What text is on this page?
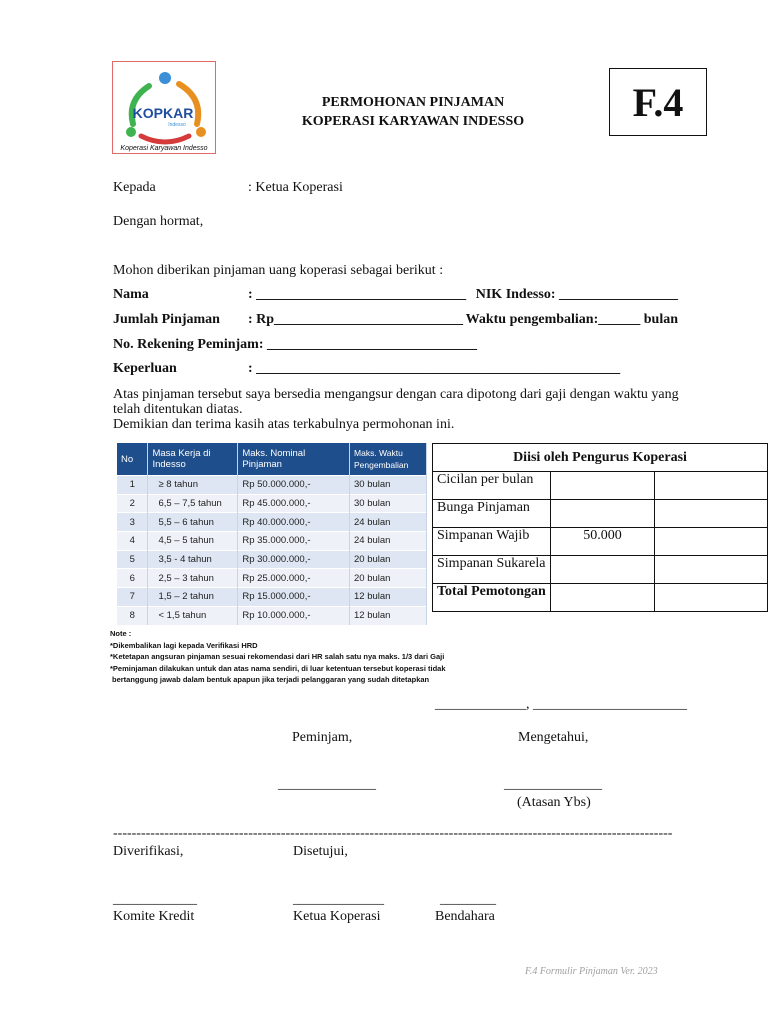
KOPKAR
Indesso
Koperasi Karyawan Indesso
PERMOHONAN PINJAMAN
KOPERASI KARYAWAN INDESSO	F.4
Kepada	: Ketua Koperasi
Dengan hormat,
Mohon diberikan pinjaman uang koperasi sebagai berikut :
Nama	: ______________________________ NIK Indesso: _________________
Jumlah Pinjaman : Rp___________________________ Waktu pengembalian:______ bulan
No. Rekening Peminjam: ______________________________
Keperluan	: ____________________________________________________
Atas pinjaman tersebut saya bersedia mengangsur dengan cara dipotong dari gaji dengan waktu yang
telah ditentukan diatas.
Demikian dan terima kasih atas terkabulnya permohonan ini.
No	Masa Kerja di Indesso	Maks. Nominal Pinjaman	Maks. Waktu Pengembalian
1	≥ 8 tahun	Rp 50.000.000,-	30 bulan
2	6,5 – 7,5 tahun	Rp 45.000.000,-	30 bulan
3	5,5 – 6 tahun	Rp 40.000.000,-	24 bulan
4	4,5 – 5 tahun	Rp 35.000.000,-	24 bulan
5	3,5 - 4 tahun	Rp 30.000.000,-	20 bulan
6	2,5 – 3 tahun	Rp 25.000.000,-	20 bulan
7	1,5 – 2 tahun	Rp 15.000.000,-	12 bulan
8	< 1,5 tahun	Rp 10.000.000,-	12 bulan
Note :
*Dikembalikan lagi kepada Verifikasi HRD
*Ketetapan angsuran pinjaman sesuai rekomendasi dari HR salah satu nya maks. 1/3 dari Gaji
*Peminjaman dilakukan untuk dan atas nama sendiri, di luar ketentuan tersebut koperasi tidak
bertanggung jawab dalam bentuk apapun jika terjadi pelanggaran yang sudah ditetapkan
Diisi oleh Pengurus Koperasi		
Cicilan per bulan		
Bunga Pinjaman		
Simpanan Wajib	50.000	
Simpanan Sukarela		
Total Pemotongan		
_____________, ______________________
Peminjam,	Mengetahui,
______________	______________
(Atasan Ybs)
------------------------------------------------------------------------------------------------------------------------
Diverifikasi,	Disetujui,
____________	_____________	________
Komite Kredit	Ketua Koperasi	Bendahara
F.4 Formulir Pinjaman Ver. 2023
